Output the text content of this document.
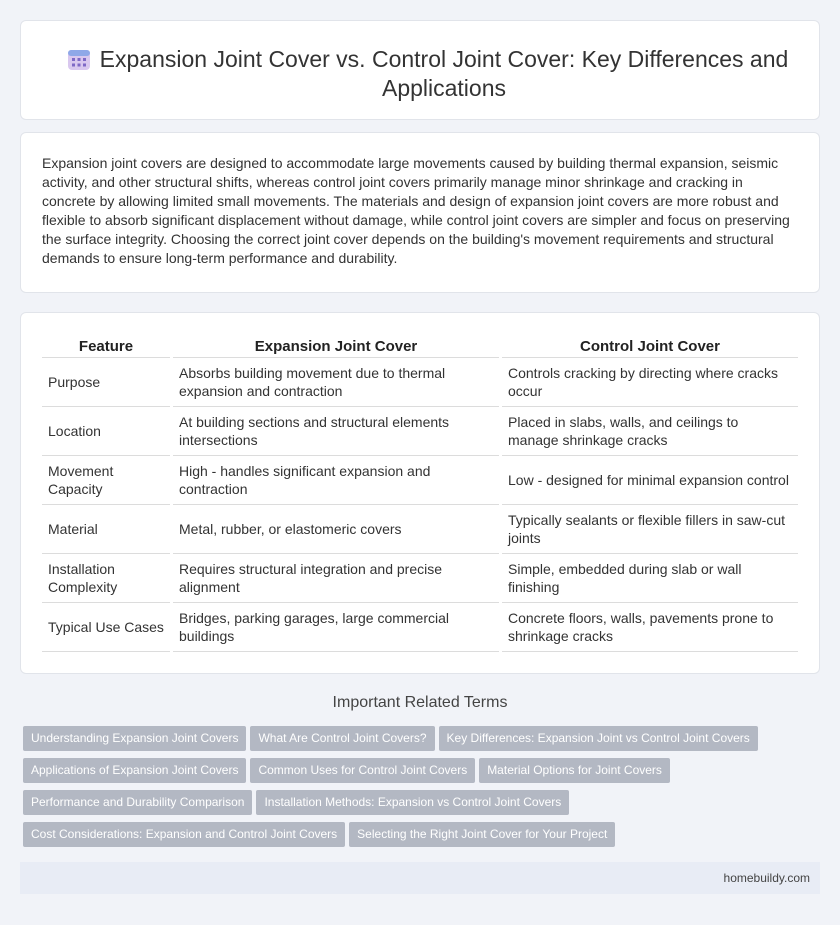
Expansion Joint Cover vs. Control Joint Cover: Key Differences and Applications

Expansion joint covers are designed to accommodate large movements caused by building thermal expansion, seismic activity, and other structural shifts, whereas control joint covers primarily manage minor shrinkage and cracking in concrete by allowing limited small movements. The materials and design of expansion joint covers are more robust and flexible to absorb significant displacement without damage, while control joint covers are simpler and focus on preserving the surface integrity. Choosing the correct joint cover depends on the building's movement requirements and structural demands to ensure long-term performance and durability.

Feature		Expansion Joint Cover		Control Joint Cover
Purpose		Absorbs building movement due to thermal expansion and contraction		Controls cracking by directing where cracks occur
Location		At building sections and structural elements intersections		Placed in slabs, walls, and ceilings to manage shrinkage cracks
Movement Capacity		High - handles significant expansion and contraction		Low - designed for minimal expansion control
Material		Metal, rubber, or elastomeric covers		Typically sealants or flexible fillers in saw-cut joints
Installation Complexity		Requires structural integration and precise alignment		Simple, embedded during slab or wall finishing
Typical Use Cases		Bridges, parking garages, large commercial buildings		Concrete floors, walls, pavements prone to shrinkage cracks
Important Related Terms
Understanding Expansion Joint Covers What Are Control Joint Covers? Key Differences: Expansion Joint vs Control Joint Covers
Applications of Expansion Joint Covers Common Uses for Control Joint Covers Material Options for Joint Covers
Performance and Durability Comparison Installation Methods: Expansion vs Control Joint Covers
Cost Considerations: Expansion and Control Joint Covers Selecting the Right Joint Cover for Your Project
homebuildy.com
